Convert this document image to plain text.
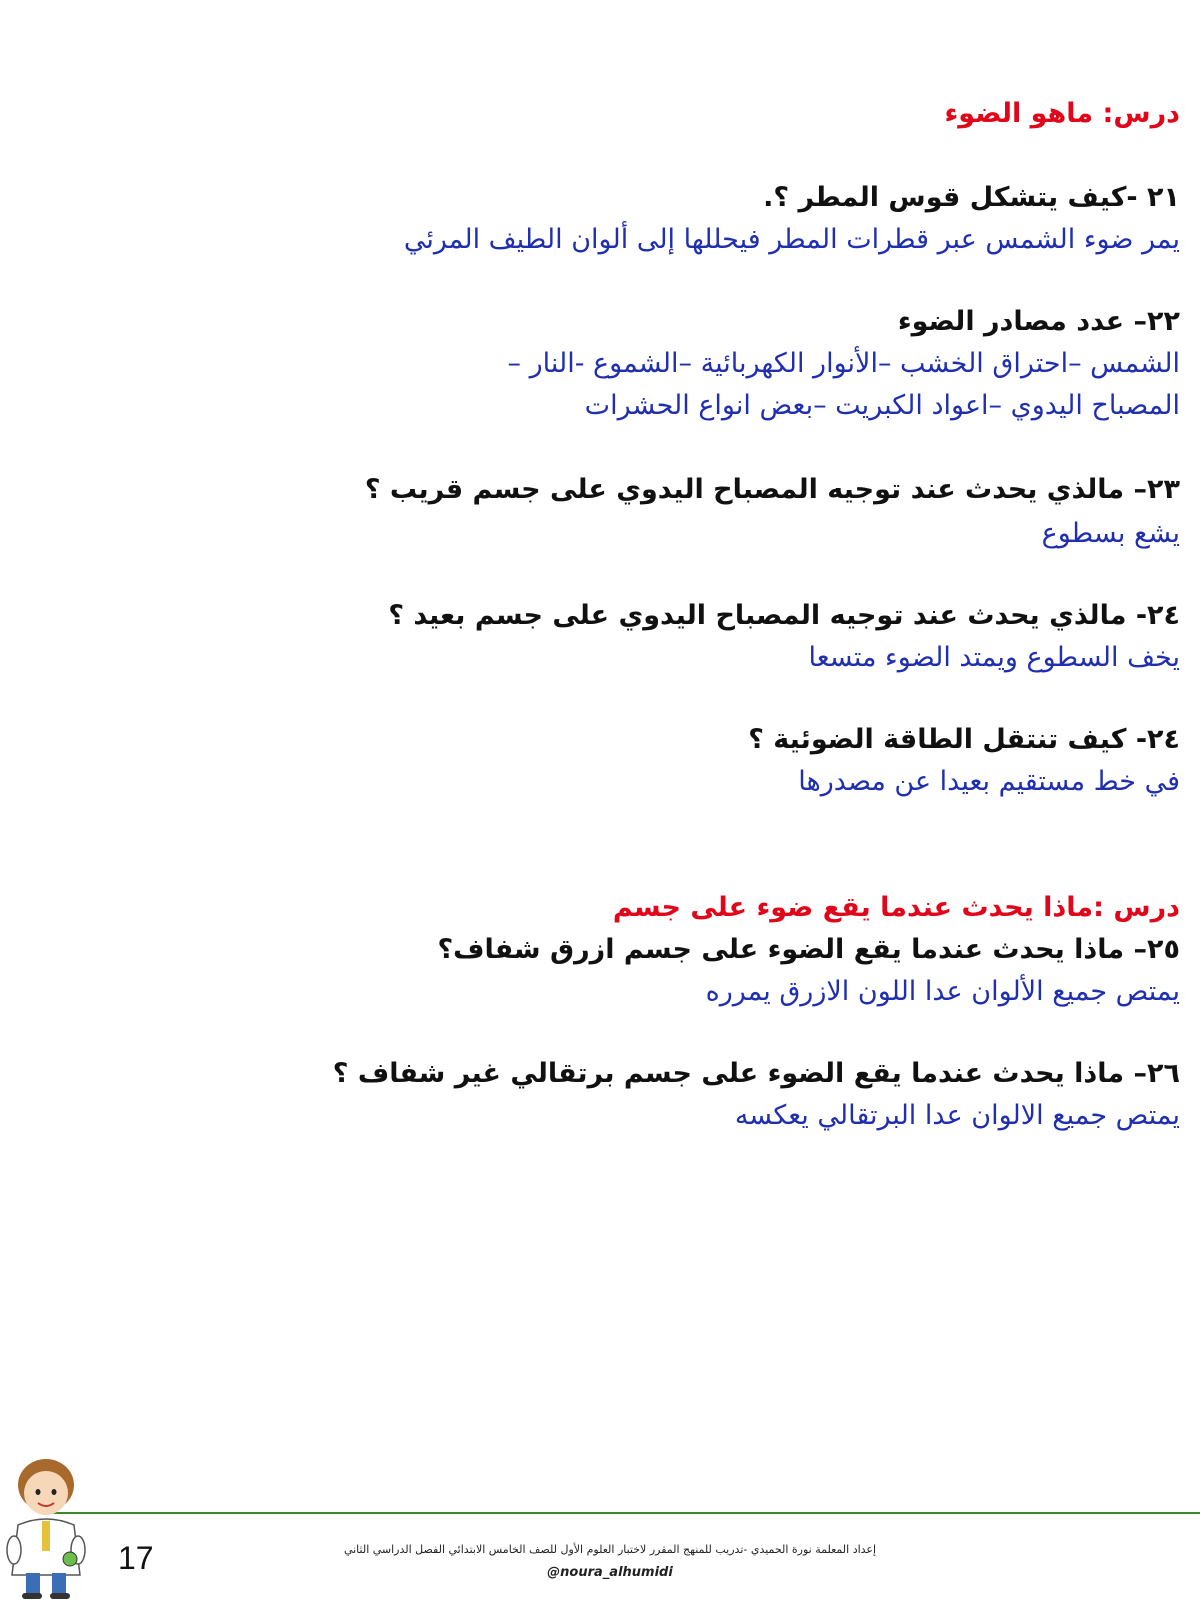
درس: ماهو الضوء
٢١ -كيف يتشكل قوس المطر ؟.
يمر ضوء الشمس عبر قطرات المطر فيحللها إلى ألوان الطيف المرئي
٢٢– عدد مصادر الضوء
الشمس –احتراق الخشب –الأنوار الكهربائية –الشموع -النار –
المصباح اليدوي –اعواد الكبريت –بعض انواع الحشرات
٢٣– مالذي يحدث عند توجيه المصباح اليدوي على جسم قريب ؟
يشع بسطوع
٢٤- مالذي يحدث عند توجيه المصباح اليدوي على جسم بعيد ؟
يخف السطوع ويمتد الضوء متسعا
٢٤- كيف تنتقل الطاقة الضوئية ؟
في خط مستقيم بعيدا عن مصدرها
درس :ماذا يحدث عندما يقع ضوء على جسم
٢٥– ماذا يحدث عندما يقع الضوء على جسم ازرق شفاف؟
يمتص جميع الألوان عدا اللون الازرق يمرره
٢٦– ماذا يحدث عندما يقع الضوء على جسم برتقالي غير شفاف ؟
يمتص جميع الالوان عدا البرتقالي يعكسه
17	إعداد المعلمة نورة الحميدي -تدريب للمنهج المقرر لاختبار العلوم الأول للصف الخامس الابتدائي الفصل الدراسي الثاني
@noura_alhumidi
